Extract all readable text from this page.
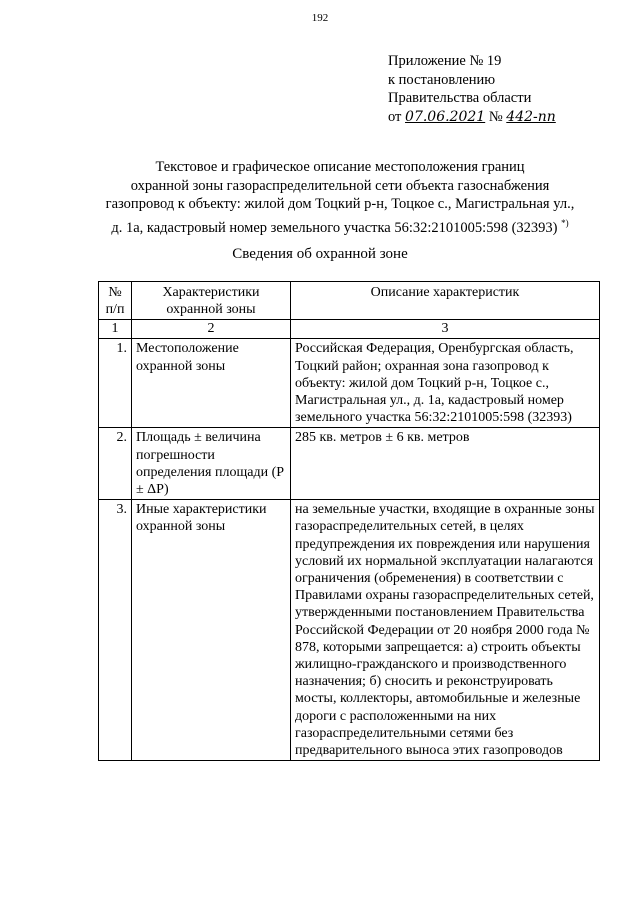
192
Приложение № 19
к постановлению
Правительства области
от 07.06.2021 № 442-пп
Текстовое и графическое описание местоположения границ
охранной зоны газораспределительной сети объекта газоснабжения
газопровод к объекту: жилой дом Тоцкий р-н, Тоцкое с., Магистральная ул.,
д. 1а, кадастровый номер земельного участка 56:32:2101005:598 (32393) *)
Сведения об охранной зоне
№ п/п	Характеристики охранной зоны	Описание характеристик
1	2	3
1.	Местоположение охранной зоны	Российская Федерация, Оренбургская область, Тоцкий район; охранная зона газопровод к объекту: жилой дом Тоцкий р-н, Тоцкое с., Магистральная ул., д. 1а, кадастровый номер земельного участка 56:32:2101005:598 (32393)
2.	Площадь ± величина погрешности определения площади (P ± ΔP)	285 кв. метров ± 6 кв. метров
3.	Иные характеристики охранной зоны	на земельные участки, входящие в охранные зоны газораспределительных сетей, в целях предупреждения их повреждения или нарушения условий их нормальной эксплуатации налагаются ограничения (обременения) в соответствии с Правилами охраны газораспределительных сетей, утвержденными постановлением Правительства Российской Федерации от 20 ноября 2000 года № 878, которыми запрещается: а) строить объекты жилищно-гражданского и производственного назначения; б) сносить и реконструировать мосты, коллекторы, автомобильные и железные дороги с расположенными на них газораспределительными сетями без предварительного выноса этих газопроводов
